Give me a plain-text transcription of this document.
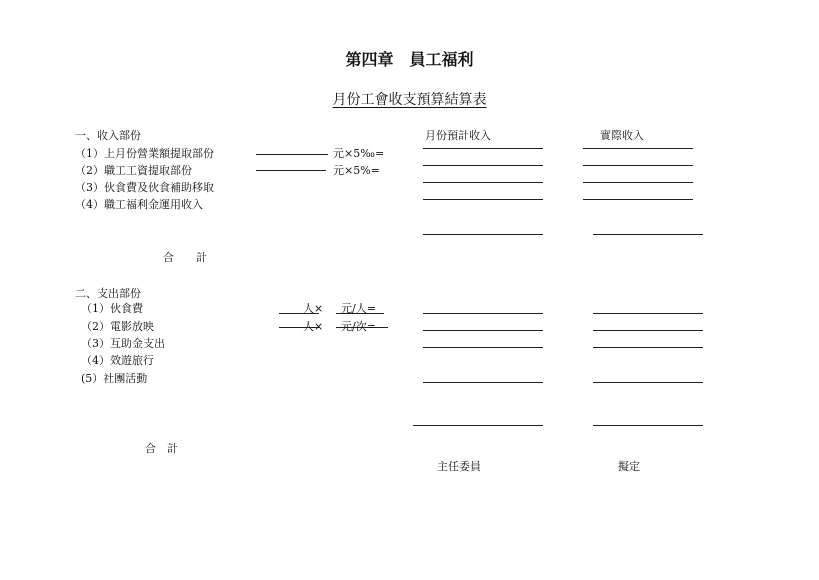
第四章　員工福利
月份工會收支預算結算表
月份預計收入	實際收入
一、收入部份
（1）上月份營業額提取部份	元×5‰=
（2）職工工資提取部份	元×5%=
（3）伙食費及伙食補助移取
（4）職工福利金運用收入
合　　計
二、支出部份
（1）伙食費	人× 元/人=
（2）電影放映	人× 元/次=
（3）互助金支出
（4）效遊旅行
(5）社團活動
合　計
主任委員	擬定
